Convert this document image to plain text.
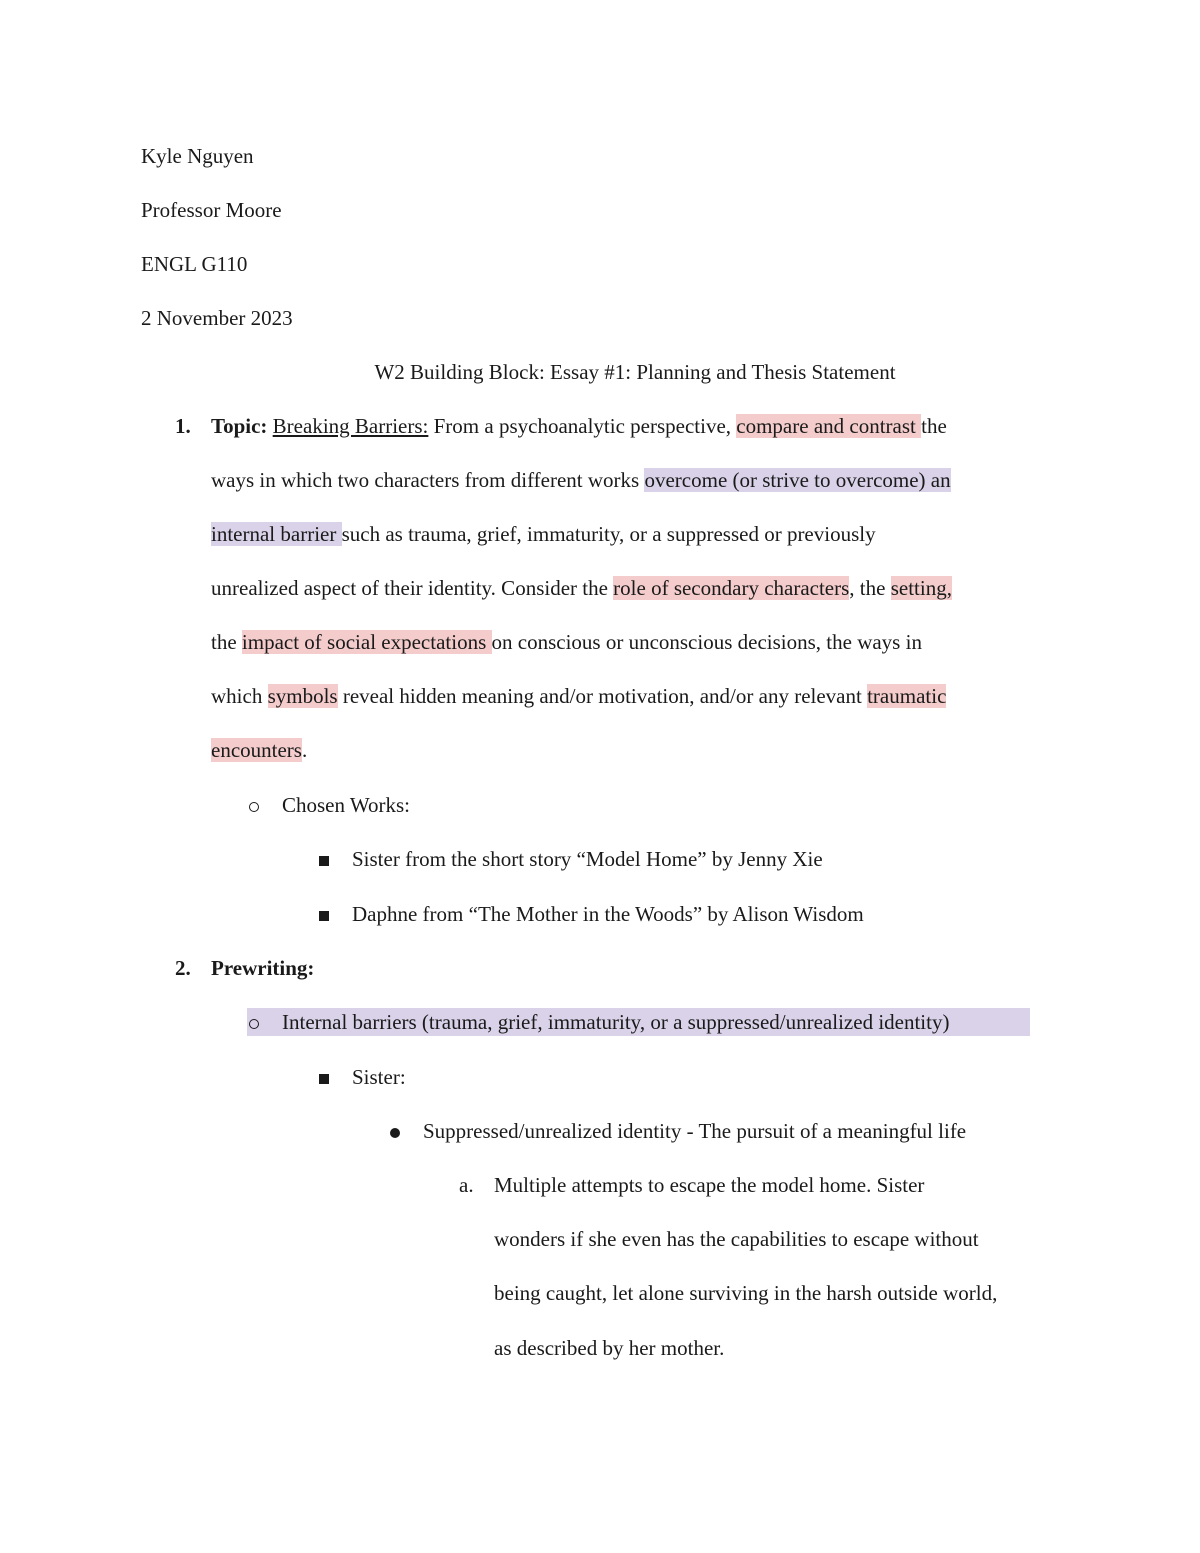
Kyle Nguyen
Professor Moore
ENGL G110
2 November 2023
W2 Building Block: Essay #1: Planning and Thesis Statement
1. Topic: Breaking Barriers: From a psychoanalytic perspective, compare and contrast the
ways in which two characters from different works overcome (or strive to overcome) an
internal barrier such as trauma, grief, immaturity, or a suppressed or previously
unrealized aspect of their identity. Consider the role of secondary characters, the setting,
the impact of social expectations on conscious or unconscious decisions, the ways in
which symbols reveal hidden meaning and/or motivation, and/or any relevant traumatic
encounters.
Chosen Works:
Sister from the short story “Model Home” by Jenny Xie
Daphne from “The Mother in the Woods” by Alison Wisdom
2. Prewriting:
Internal barriers (trauma, grief, immaturity, or a suppressed/unrealized identity)
Sister:
Suppressed/unrealized identity - The pursuit of a meaningful life
a. Multiple attempts to escape the model home. Sister
wonders if she even has the capabilities to escape without
being caught, let alone surviving in the harsh outside world,
as described by her mother.
